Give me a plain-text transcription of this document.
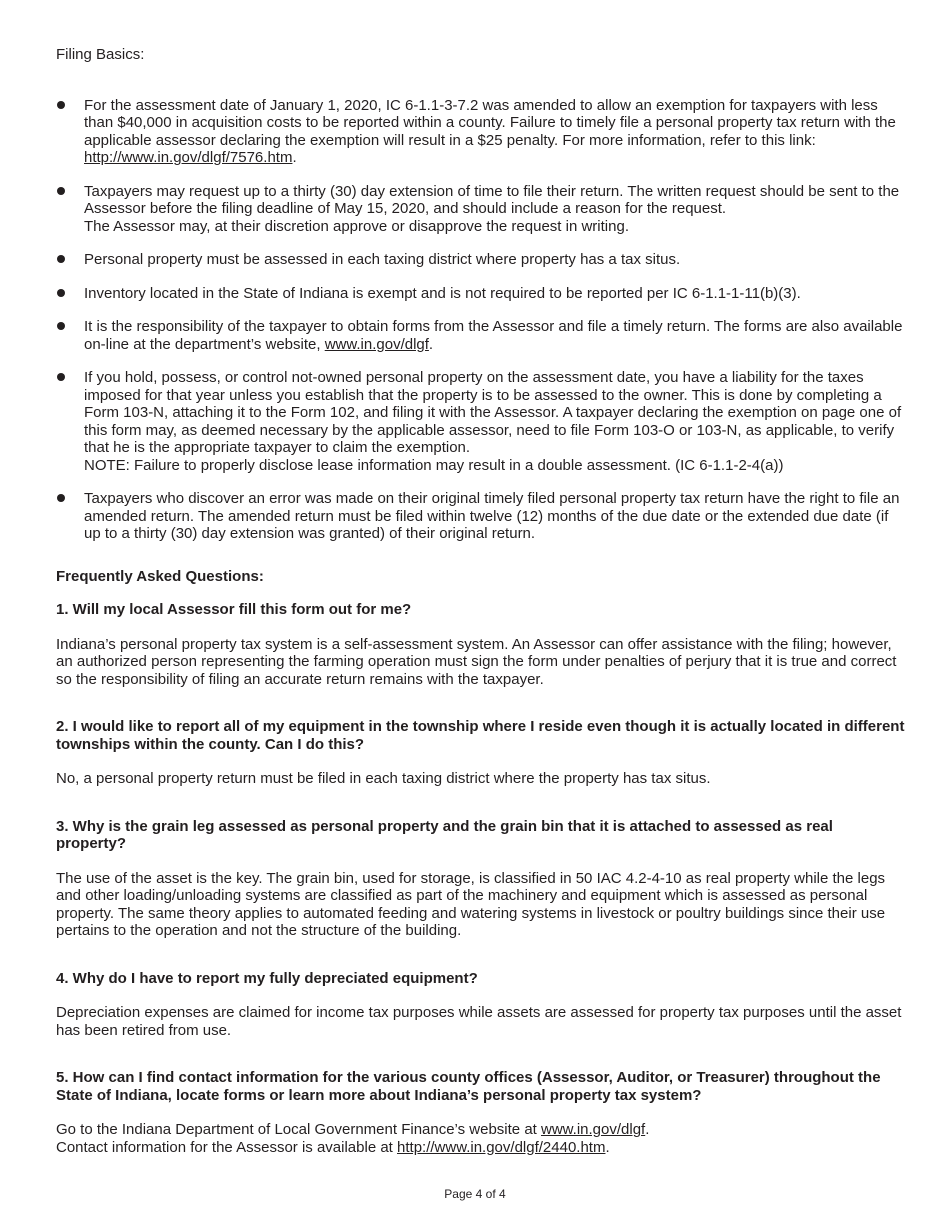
Filing Basics:
For the assessment date of January 1, 2020, IC 6-1.1-3-7.2 was amended to allow an exemption for taxpayers with less than $40,000 in acquisition costs to be reported within a county. Failure to timely file a personal property tax return with the applicable assessor declaring the exemption will result in a $25 penalty. For more information, refer to this link: http://www.in.gov/dlgf/7576.htm.
Taxpayers may request up to a thirty (30) day extension of time to file their return. The written request should be sent to the Assessor before the filing deadline of May 15, 2020, and should include a reason for the request.
The Assessor may, at their discretion approve or disapprove the request in writing.
Personal property must be assessed in each taxing district where property has a tax situs.
Inventory located in the State of Indiana is exempt and is not required to be reported per IC 6-1.1-1-11(b)(3).
It is the responsibility of the taxpayer to obtain forms from the Assessor and file a timely return. The forms are also available on-line at the department’s website, www.in.gov/dlgf.
If you hold, possess, or control not-owned personal property on the assessment date, you have a liability for the taxes imposed for that year unless you establish that the property is to be assessed to the owner. This is done by completing a Form 103-N, attaching it to the Form 102, and filing it with the Assessor. A taxpayer declaring the exemption on page one of this form may, as deemed necessary by the applicable assessor, need to file Form 103-O or 103-N, as applicable, to verify that he is the appropriate taxpayer to claim the exemption.
NOTE: Failure to properly disclose lease information may result in a double assessment. (IC 6-1.1-2-4(a))
Taxpayers who discover an error was made on their original timely filed personal property tax return have the right to file an amended return. The amended return must be filed within twelve (12) months of the due date or the extended due date (if up to a thirty (30) day extension was granted) of their original return.
Frequently Asked Questions:
1. Will my local Assessor fill this form out for me?
Indiana’s personal property tax system is a self-assessment system. An Assessor can offer assistance with the filing; however, an authorized person representing the farming operation must sign the form under penalties of perjury that it is true and correct so the responsibility of filing an accurate return remains with the taxpayer.
2. I would like to report all of my equipment in the township where I reside even though it is actually located in different townships within the county. Can I do this?
No, a personal property return must be filed in each taxing district where the property has tax situs.
3. Why is the grain leg assessed as personal property and the grain bin that it is attached to assessed as real property?
The use of the asset is the key. The grain bin, used for storage, is classified in 50 IAC 4.2-4-10 as real property while the legs and other loading/unloading systems are classified as part of the machinery and equipment which is assessed as personal property. The same theory applies to automated feeding and watering systems in livestock or poultry buildings since their use pertains to the operation and not the structure of the building.
4. Why do I have to report my fully depreciated equipment?
Depreciation expenses are claimed for income tax purposes while assets are assessed for property tax purposes until the asset has been retired from use.
5. How can I find contact information for the various county offices (Assessor, Auditor, or Treasurer) throughout the State of Indiana, locate forms or learn more about Indiana’s personal property tax system?
Go to the Indiana Department of Local Government Finance’s website at www.in.gov/dlgf.
Contact information for the Assessor is available at http://www.in.gov/dlgf/2440.htm.
Page 4 of 4
